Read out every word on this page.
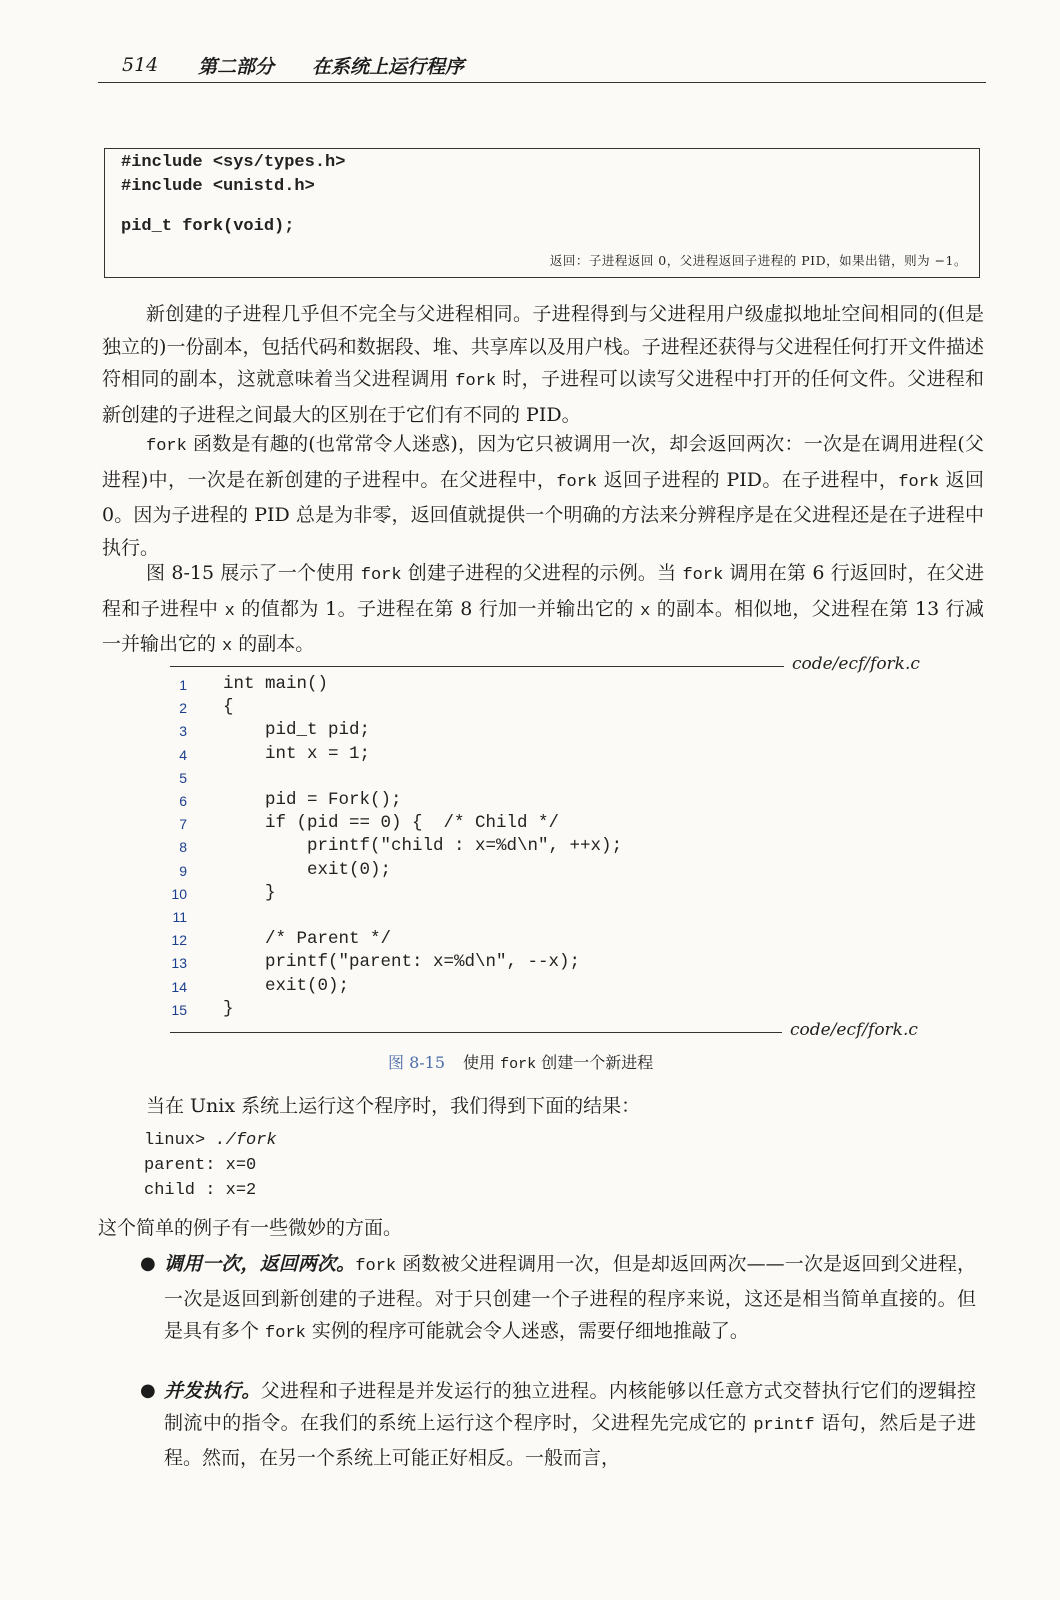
514 第二部分 在系统上运行程序
#include <sys/types.h>
#include <unistd.h>
pid_t fork(void);
返回：子进程返回 0，父进程返回子进程的 PID，如果出错，则为 −1。

新创建的子进程几乎但不完全与父进程相同。子进程得到与父进程用户级虚拟地址空间相同的(但是独立的)一份副本，包括代码和数据段、堆、共享库以及用户栈。子进程还获得与父进程任何打开文件描述符相同的副本，这就意味着当父进程调用 fork 时，子进程可以读写父进程中打开的任何文件。父进程和新创建的子进程之间最大的区别在于它们有不同的 PID。

fork 函数是有趣的(也常常令人迷惑)，因为它只被调用一次，却会返回两次：一次是在调用进程(父进程)中，一次是在新创建的子进程中。在父进程中，fork 返回子进程的 PID。在子进程中，fork 返回 0。因为子进程的 PID 总是为非零，返回值就提供一个明确的方法来分辨程序是在父进程还是在子进程中执行。

图 8-15 展示了一个使用 fork 创建子进程的父进程的示例。当 fork 调用在第 6 行返回时，在父进程和子进程中 x 的值都为 1。子进程在第 8 行加一并输出它的 x 的副本。相似地，父进程在第 13 行减一并输出它的 x 的副本。

code/ecf/fork.c
1 int main()
2 {
3 pid_t pid;
4 int x = 1;
5
6 pid = Fork();
7 if (pid == 0) {  /* Child */
8 printf("child : x=%d\n", ++x);
9 exit(0);
10 }
11
12 /* Parent */
13 printf("parent: x=%d\n", --x);
14 exit(0);
15 }
code/ecf/fork.c
图 8-15 使用 fork 创建一个新进程

当在 Unix 系统上运行这个程序时，我们得到下面的结果：

linux> ./fork
parent: x=0
child : x=2

这个简单的例子有一些微妙的方面。

● 调用一次，返回两次。fork 函数被父进程调用一次，但是却返回两次——一次是返回到父进程，一次是返回到新创建的子进程。对于只创建一个子进程的程序来说，这还是相当简单直接的。但是具有多个 fork 实例的程序可能就会令人迷惑，需要仔细地推敲了。

● 并发执行。父进程和子进程是并发运行的独立进程。内核能够以任意方式交替执行它们的逻辑控制流中的指令。在我们的系统上运行这个程序时，父进程先完成它的 printf 语句，然后是子进程。然而，在另一个系统上可能正好相反。一般而言，
